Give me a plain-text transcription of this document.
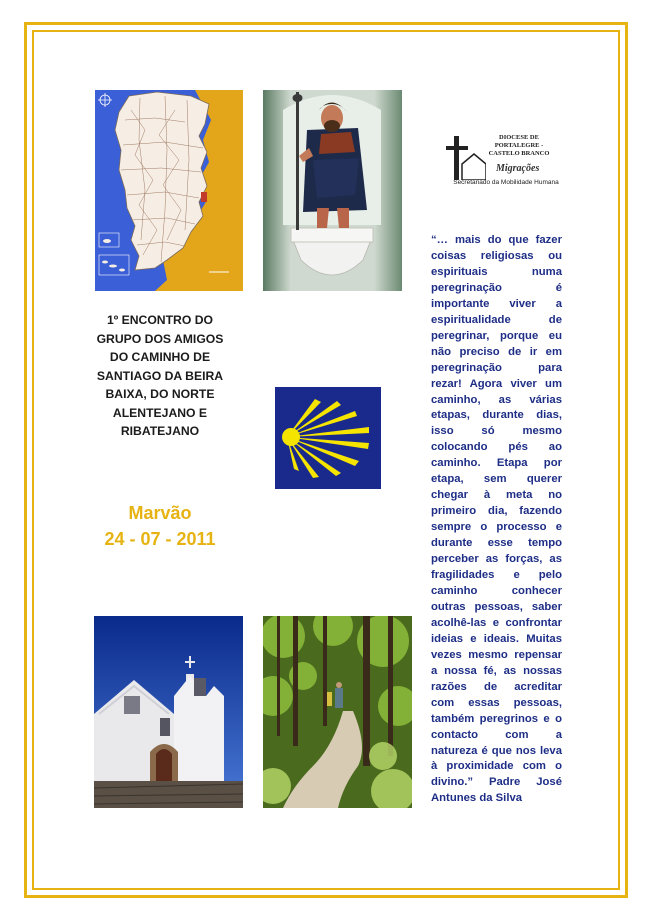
DIOCESE DE PORTALEGRE - CASTELO BRANCO
Migrações
Secretariado da Mobilidade Humana
1º ENCONTRO DO GRUPO DOS AMIGOS DO CAMINHO DE SANTIAGO DA BEIRA BAIXA, DO NORTE ALENTEJANO E RIBATEJANO
Marvão
24 - 07 - 2011
“… mais do que fazer
coisas religiosas ou
espirituais numa
peregrinação é
importante viver a
espiritualidade de
peregrinar, porque eu
não preciso de ir em
peregrinação para
rezar! Agora viver um
caminho, as várias
etapas, durante dias,
isso só mesmo
colocando pés ao
caminho. Etapa por
etapa, sem querer
chegar à meta no
primeiro dia, fazendo
sempre o processo e
durante esse tempo
perceber as forças, as
fragilidades e pelo
caminho conhecer
outras pessoas, saber
acolhê-las e confrontar
ideias e ideais. Muitas
vezes mesmo repensar
a nossa fé, as nossas
razões de acreditar
com essas pessoas,
também peregrinos e o
contacto com a
natureza é que nos leva
à proximidade com o
divino.” Padre José
Antunes da Silva
